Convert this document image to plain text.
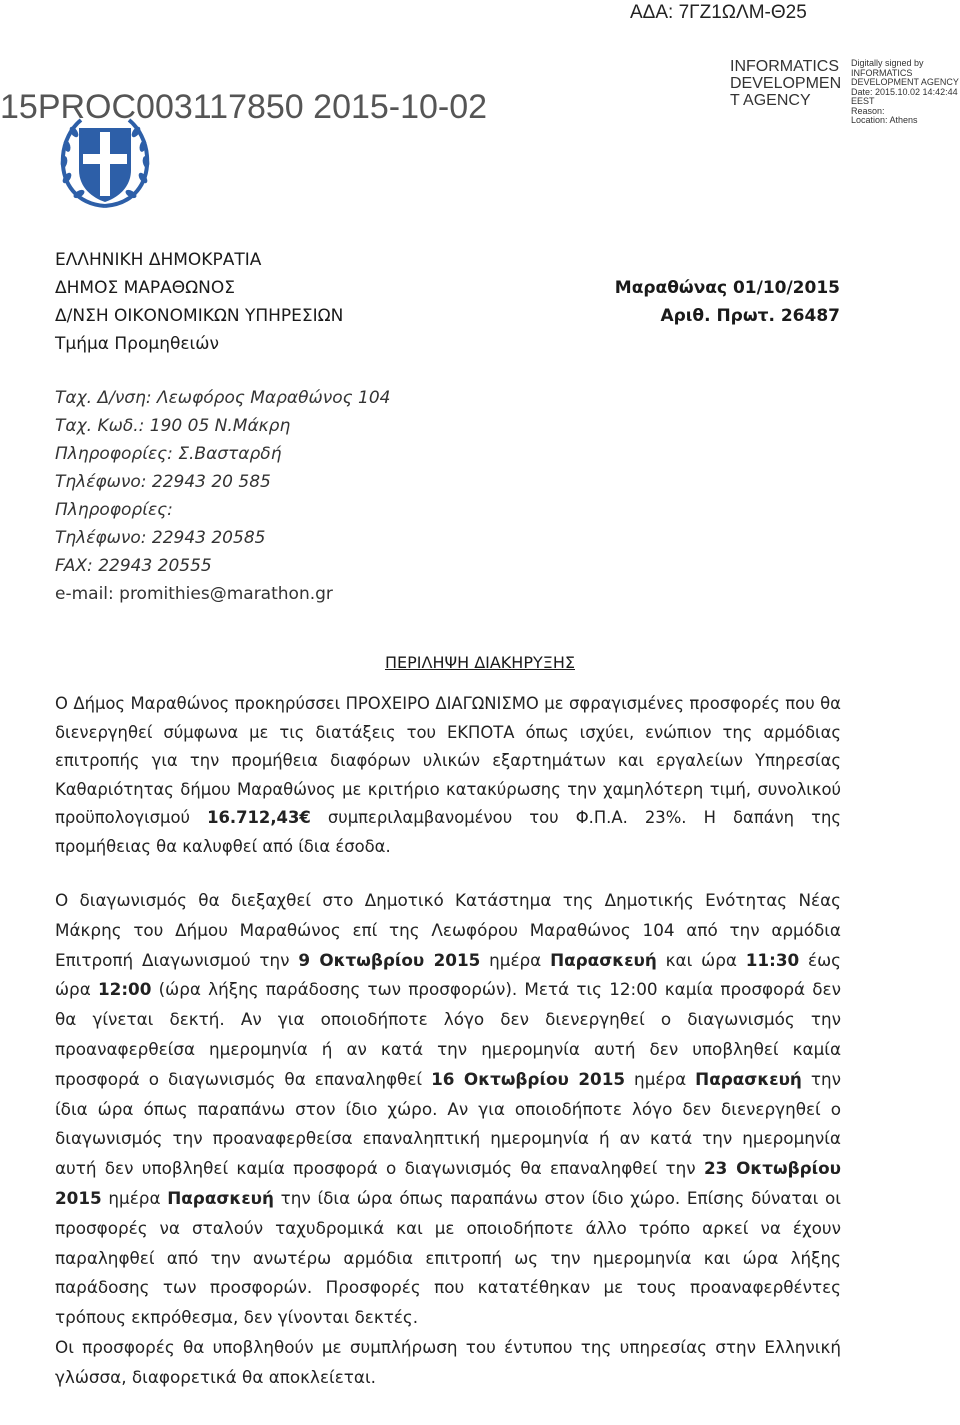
ΑΔΑ: 7ΓΖ1ΩΛΜ-Θ25
15PROC003117850 2015-10-02
INFORMATICS DEVELOPMEN T AGENCY
Digitally signed by
INFORMATICS
DEVELOPMENT AGENCY
Date: 2015.10.02 14:42:44
EEST
Reason:
Location: Athens
ΕΛΛΗΝΙΚΗ ΔΗΜΟΚΡΑΤΙΑ
ΔΗΜΟΣ ΜΑΡΑΘΩΝΟΣ
Δ/ΝΣΗ ΟΙΚΟΝΟΜΙΚΩΝ ΥΠΗΡΕΣΙΩΝ
Τμήμα Προμηθειών
Μαραθώνας 01/10/2015
Αριθ. Πρωτ. 26487
Ταχ. Δ/νση: Λεωφόρος Μαραθώνος 104
Ταχ. Κωδ.: 190 05 Ν.Μάκρη
Πληροφορίες: Σ.Βασταρδή
Τηλέφωνο: 22943 20 585
Πληροφορίες:
Τηλέφωνο: 22943 20585
FAX: 22943 20555
e-mail: promithies@marathon.gr
ΠΕΡΙΛΗΨΗ ΔΙΑΚΗΡΥΞΗΣ

Ο Δήμος Μαραθώνος προκηρύσσει ΠΡΟΧΕΙΡΟ ΔΙΑΓΩΝΙΣΜΟ με σφραγισμένες προσφορές που θα διενεργηθεί σύμφωνα με τις διατάξεις του ΕΚΠΟΤΑ όπως ισχύει, ενώπιον της αρμόδιας επιτροπής για την προμήθεια διαφόρων υλικών εξαρτημάτων και εργαλείων Υπηρεσίας Καθαριότητας δήμου Μαραθώνος με κριτήριο κατακύρωσης την χαμηλότερη τιμή, συνολικού προϋπολογισμού 16.712,43€ συμπεριλαμβανομένου του Φ.Π.Α. 23%. Η δαπάνη της προμήθειας θα καλυφθεί από ίδια έσοδα.

Ο διαγωνισμός θα διεξαχθεί στο Δημοτικό Κατάστημα της Δημοτικής Ενότητας Νέας Μάκρης του Δήμου Μαραθώνος επί της Λεωφόρου Μαραθώνος 104 από την αρμόδια Επιτροπή Διαγωνισμού την 9 Οκτωβρίου 2015 ημέρα Παρασκευή και ώρα 11:30 έως ώρα 12:00 (ώρα λήξης παράδοσης των προσφορών). Μετά τις 12:00 καμία προσφορά δεν θα γίνεται δεκτή. Αν για οποιοδήποτε λόγο δεν διενεργηθεί ο διαγωνισμός την προαναφερθείσα ημερομηνία ή αν κατά την ημερομηνία αυτή δεν υποβληθεί καμία προσφορά ο διαγωνισμός θα επαναληφθεί 16 Οκτωβρίου 2015 ημέρα Παρασκευή την ίδια ώρα όπως παραπάνω στον ίδιο χώρο. Αν για οποιοδήποτε λόγο δεν διενεργηθεί ο διαγωνισμός την προαναφερθείσα επαναληπτική ημερομηνία ή αν κατά την ημερομηνία αυτή δεν υποβληθεί καμία προσφορά ο διαγωνισμός θα επαναληφθεί την 23 Οκτωβρίου 2015 ημέρα Παρασκευή την ίδια ώρα όπως παραπάνω στον ίδιο χώρο. Επίσης δύναται οι προσφορές να σταλούν ταχυδρομικά και με οποιοδήποτε άλλο τρόπο αρκεί να έχουν παραληφθεί από την ανωτέρω αρμόδια επιτροπή ως την ημερομηνία και ώρα λήξης παράδοσης των προσφορών. Προσφορές που κατατέθηκαν με τους προαναφερθέντες τρόπους εκπρόθεσμα, δεν γίνονται δεκτές.

Οι προσφορές θα υποβληθούν με συμπλήρωση του έντυπου της υπηρεσίας στην Ελληνική γλώσσα, διαφορετικά θα αποκλείεται.
